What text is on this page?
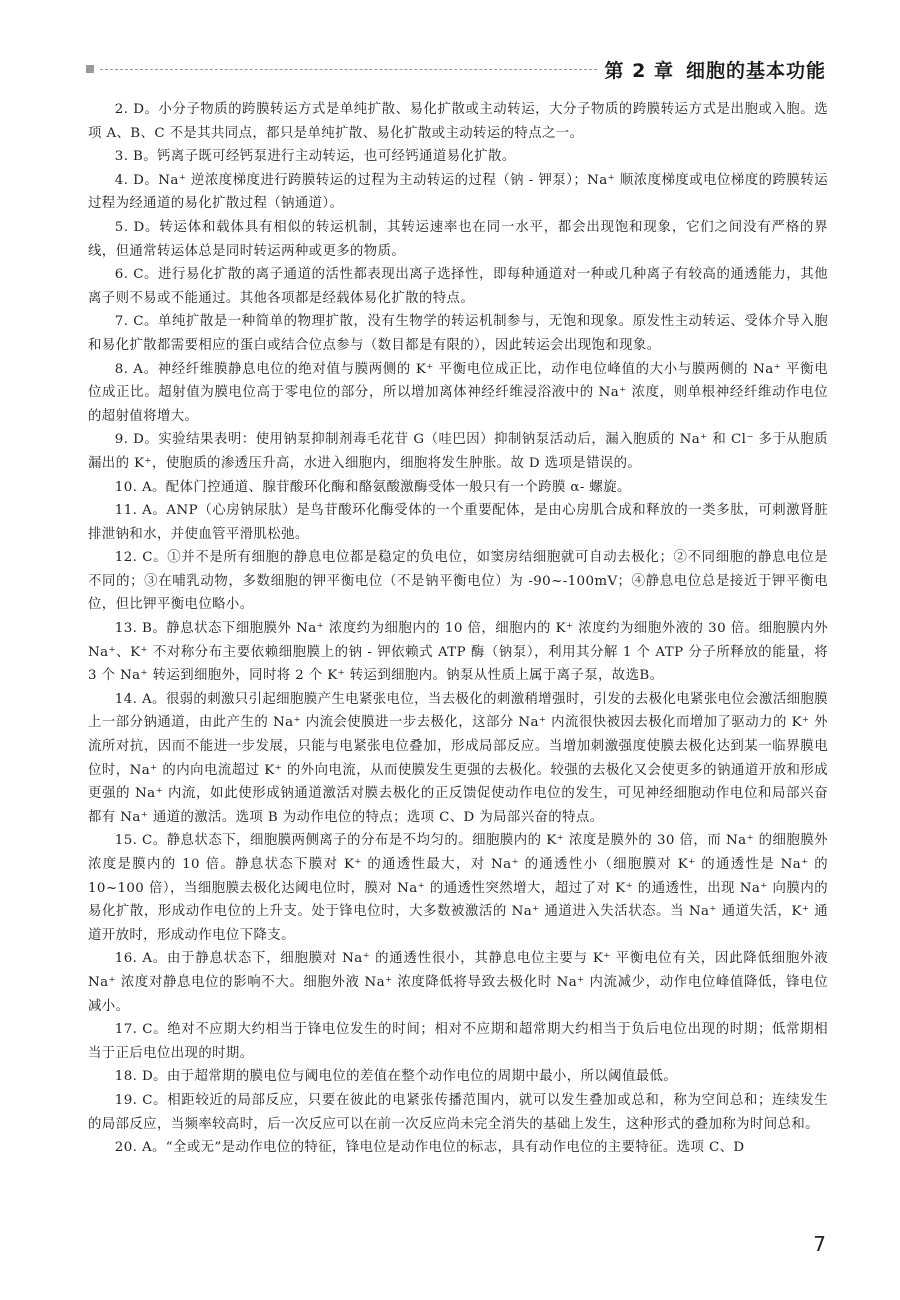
第 2 章 细胞的基本功能

2. D。小分子物质的跨膜转运方式是单纯扩散、易化扩散或主动转运，大分子物质的跨膜转运方式是出胞或入胞。选项 A、B、C 不是其共同点，都只是单纯扩散、易化扩散或主动转运的特点之一。

3. B。钙离子既可经钙泵进行主动转运，也可经钙通道易化扩散。

4. D。Na⁺ 逆浓度梯度进行跨膜转运的过程为主动转运的过程（钠 - 钾泵）；Na⁺ 顺浓度梯度或电位梯度的跨膜转运过程为经通道的易化扩散过程（钠通道）。

5. D。转运体和载体具有相似的转运机制，其转运速率也在同一水平，都会出现饱和现象，它们之间没有严格的界线，但通常转运体总是同时转运两种或更多的物质。

6. C。进行易化扩散的离子通道的活性都表现出离子选择性，即每种通道对一种或几种离子有较高的通透能力，其他离子则不易或不能通过。其他各项都是经载体易化扩散的特点。

7. C。单纯扩散是一种简单的物理扩散，没有生物学的转运机制参与，无饱和现象。原发性主动转运、受体介导入胞和易化扩散都需要相应的蛋白或结合位点参与（数目都是有限的），因此转运会出现饱和现象。

8. A。神经纤维膜静息电位的绝对值与膜两侧的 K⁺ 平衡电位成正比，动作电位峰值的大小与膜两侧的 Na⁺ 平衡电位成正比。超射值为膜电位高于零电位的部分，所以增加离体神经纤维浸浴液中的 Na⁺ 浓度，则单根神经纤维动作电位的超射值将增大。

9. D。实验结果表明：使用钠泵抑制剂毒毛花苷 G（哇巴因）抑制钠泵活动后，漏入胞质的 Na⁺ 和 Cl⁻ 多于从胞质漏出的 K⁺，使胞质的渗透压升高，水进入细胞内，细胞将发生肿胀。故 D 选项是错误的。

10. A。配体门控通道、腺苷酸环化酶和酪氨酸激酶受体一般只有一个跨膜 α- 螺旋。

11. A。ANP（心房钠尿肽）是鸟苷酸环化酶受体的一个重要配体，是由心房肌合成和释放的一类多肽，可刺激肾脏排泄钠和水，并使血管平滑肌松弛。

12. C。①并不是所有细胞的静息电位都是稳定的负电位，如窦房结细胞就可自动去极化；②不同细胞的静息电位是不同的；③在哺乳动物，多数细胞的钾平衡电位（不是钠平衡电位）为 -90~-100mV；④静息电位总是接近于钾平衡电位，但比钾平衡电位略小。

13. B。静息状态下细胞膜外 Na⁺ 浓度约为细胞内的 10 倍，细胞内的 K⁺ 浓度约为细胞外液的 30 倍。细胞膜内外 Na⁺、K⁺ 不对称分布主要依赖细胞膜上的钠 - 钾依赖式 ATP 酶（钠泵），利用其分解 1 个 ATP 分子所释放的能量，将 3 个 Na⁺ 转运到细胞外，同时将 2 个 K⁺ 转运到细胞内。钠泵从性质上属于离子泵，故选B。

14. A。很弱的刺激只引起细胞膜产生电紧张电位，当去极化的刺激稍增强时，引发的去极化电紧张电位会激活细胞膜上一部分钠通道，由此产生的 Na⁺ 内流会使膜进一步去极化，这部分 Na⁺ 内流很快被因去极化而增加了驱动力的 K⁺ 外流所对抗，因而不能进一步发展，只能与电紧张电位叠加，形成局部反应。当增加刺激强度使膜去极化达到某一临界膜电位时，Na⁺ 的内向电流超过 K⁺ 的外向电流，从而使膜发生更强的去极化。较强的去极化又会使更多的钠通道开放和形成更强的 Na⁺ 内流，如此使形成钠通道激活对膜去极化的正反馈促使动作电位的发生，可见神经细胞动作电位和局部兴奋都有 Na⁺ 通道的激活。选项 B 为动作电位的特点；选项 C、D 为局部兴奋的特点。

15. C。静息状态下，细胞膜两侧离子的分布是不均匀的。细胞膜内的 K⁺ 浓度是膜外的 30 倍，而 Na⁺ 的细胞膜外浓度是膜内的 10 倍。静息状态下膜对 K⁺ 的通透性最大，对 Na⁺ 的通透性小（细胞膜对 K⁺ 的通透性是 Na⁺ 的 10~100 倍），当细胞膜去极化达阈电位时，膜对 Na⁺ 的通透性突然增大，超过了对 K⁺ 的通透性，出现 Na⁺ 向膜内的易化扩散，形成动作电位的上升支。处于锋电位时，大多数被激活的 Na⁺ 通道进入失活状态。当 Na⁺ 通道失活，K⁺ 通道开放时，形成动作电位下降支。

16. A。由于静息状态下，细胞膜对 Na⁺ 的通透性很小，其静息电位主要与 K⁺ 平衡电位有关，因此降低细胞外液 Na⁺ 浓度对静息电位的影响不大。细胞外液 Na⁺ 浓度降低将导致去极化时 Na⁺ 内流减少，动作电位峰值降低，锋电位减小。

17. C。绝对不应期大约相当于锋电位发生的时间；相对不应期和超常期大约相当于负后电位出现的时期；低常期相当于正后电位出现的时期。

18. D。由于超常期的膜电位与阈电位的差值在整个动作电位的周期中最小，所以阈值最低。

19. C。相距较近的局部反应，只要在彼此的电紧张传播范围内，就可以发生叠加或总和，称为空间总和；连续发生的局部反应，当频率较高时，后一次反应可以在前一次反应尚未完全消失的基础上发生，这种形式的叠加称为时间总和。

20. A。“全或无”是动作电位的特征，锋电位是动作电位的标志，具有动作电位的主要特征。选项 C、D

7
